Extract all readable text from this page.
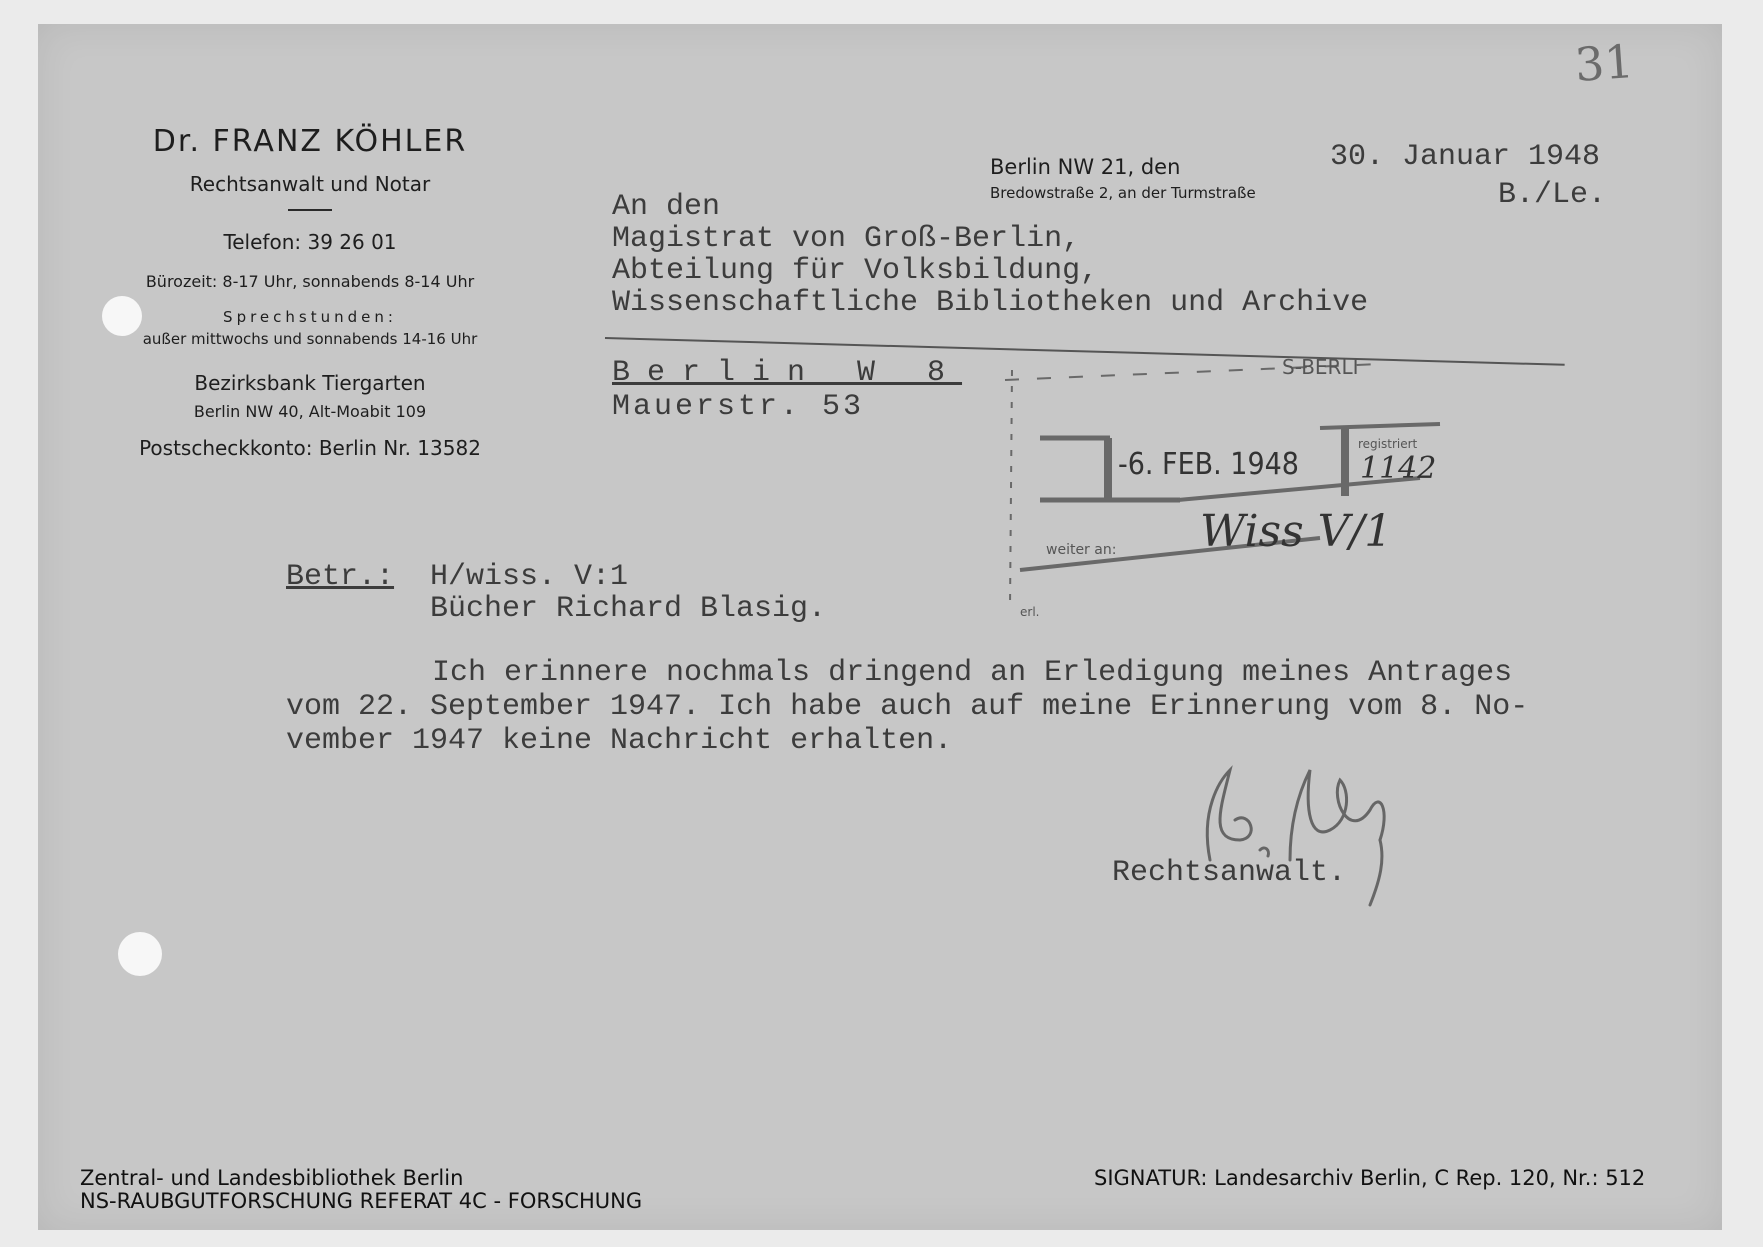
31
Dr. FRANZ KÖHLER
Rechtsanwalt und Notar
Telefon: 39 26 01
Bürozeit: 8-17 Uhr, sonnabends 8-14 Uhr
Sprechstunden:
außer mittwochs und sonnabends 14-16 Uhr
Bezirksbank Tiergarten
Berlin NW 40, Alt-Moabit 109
Postscheckkonto: Berlin Nr. 13582
Berlin NW 21, den
Bredowstraße 2, an der Turmstraße
30. Januar 1948
B./Le.
An den
Magistrat von Groß-Berlin,
Abteilung für Volksbildung,
Wissenschaftliche Bibliotheken und Archive
Berlin W 8
Mauerstr. 53
S-BERLI
-6. FEB. 1948
registriert
1142
weiter an: Wiss V/1
erl.
Betr.: H/wiss. V:1
Bücher Richard Blasig.
Ich erinnere nochmals dringend an Erledigung meines Antrages
vom 22. September 1947. Ich habe auch auf meine Erinnerung vom 8. No-
vember 1947 keine Nachricht erhalten.
Rechtsanwalt.
Zentral- und Landesbibliothek Berlin
NS-RAUBGUTFORSCHUNG REFERAT 4C - FORSCHUNG
SIGNATUR: Landesarchiv Berlin, C Rep. 120, Nr.: 512
